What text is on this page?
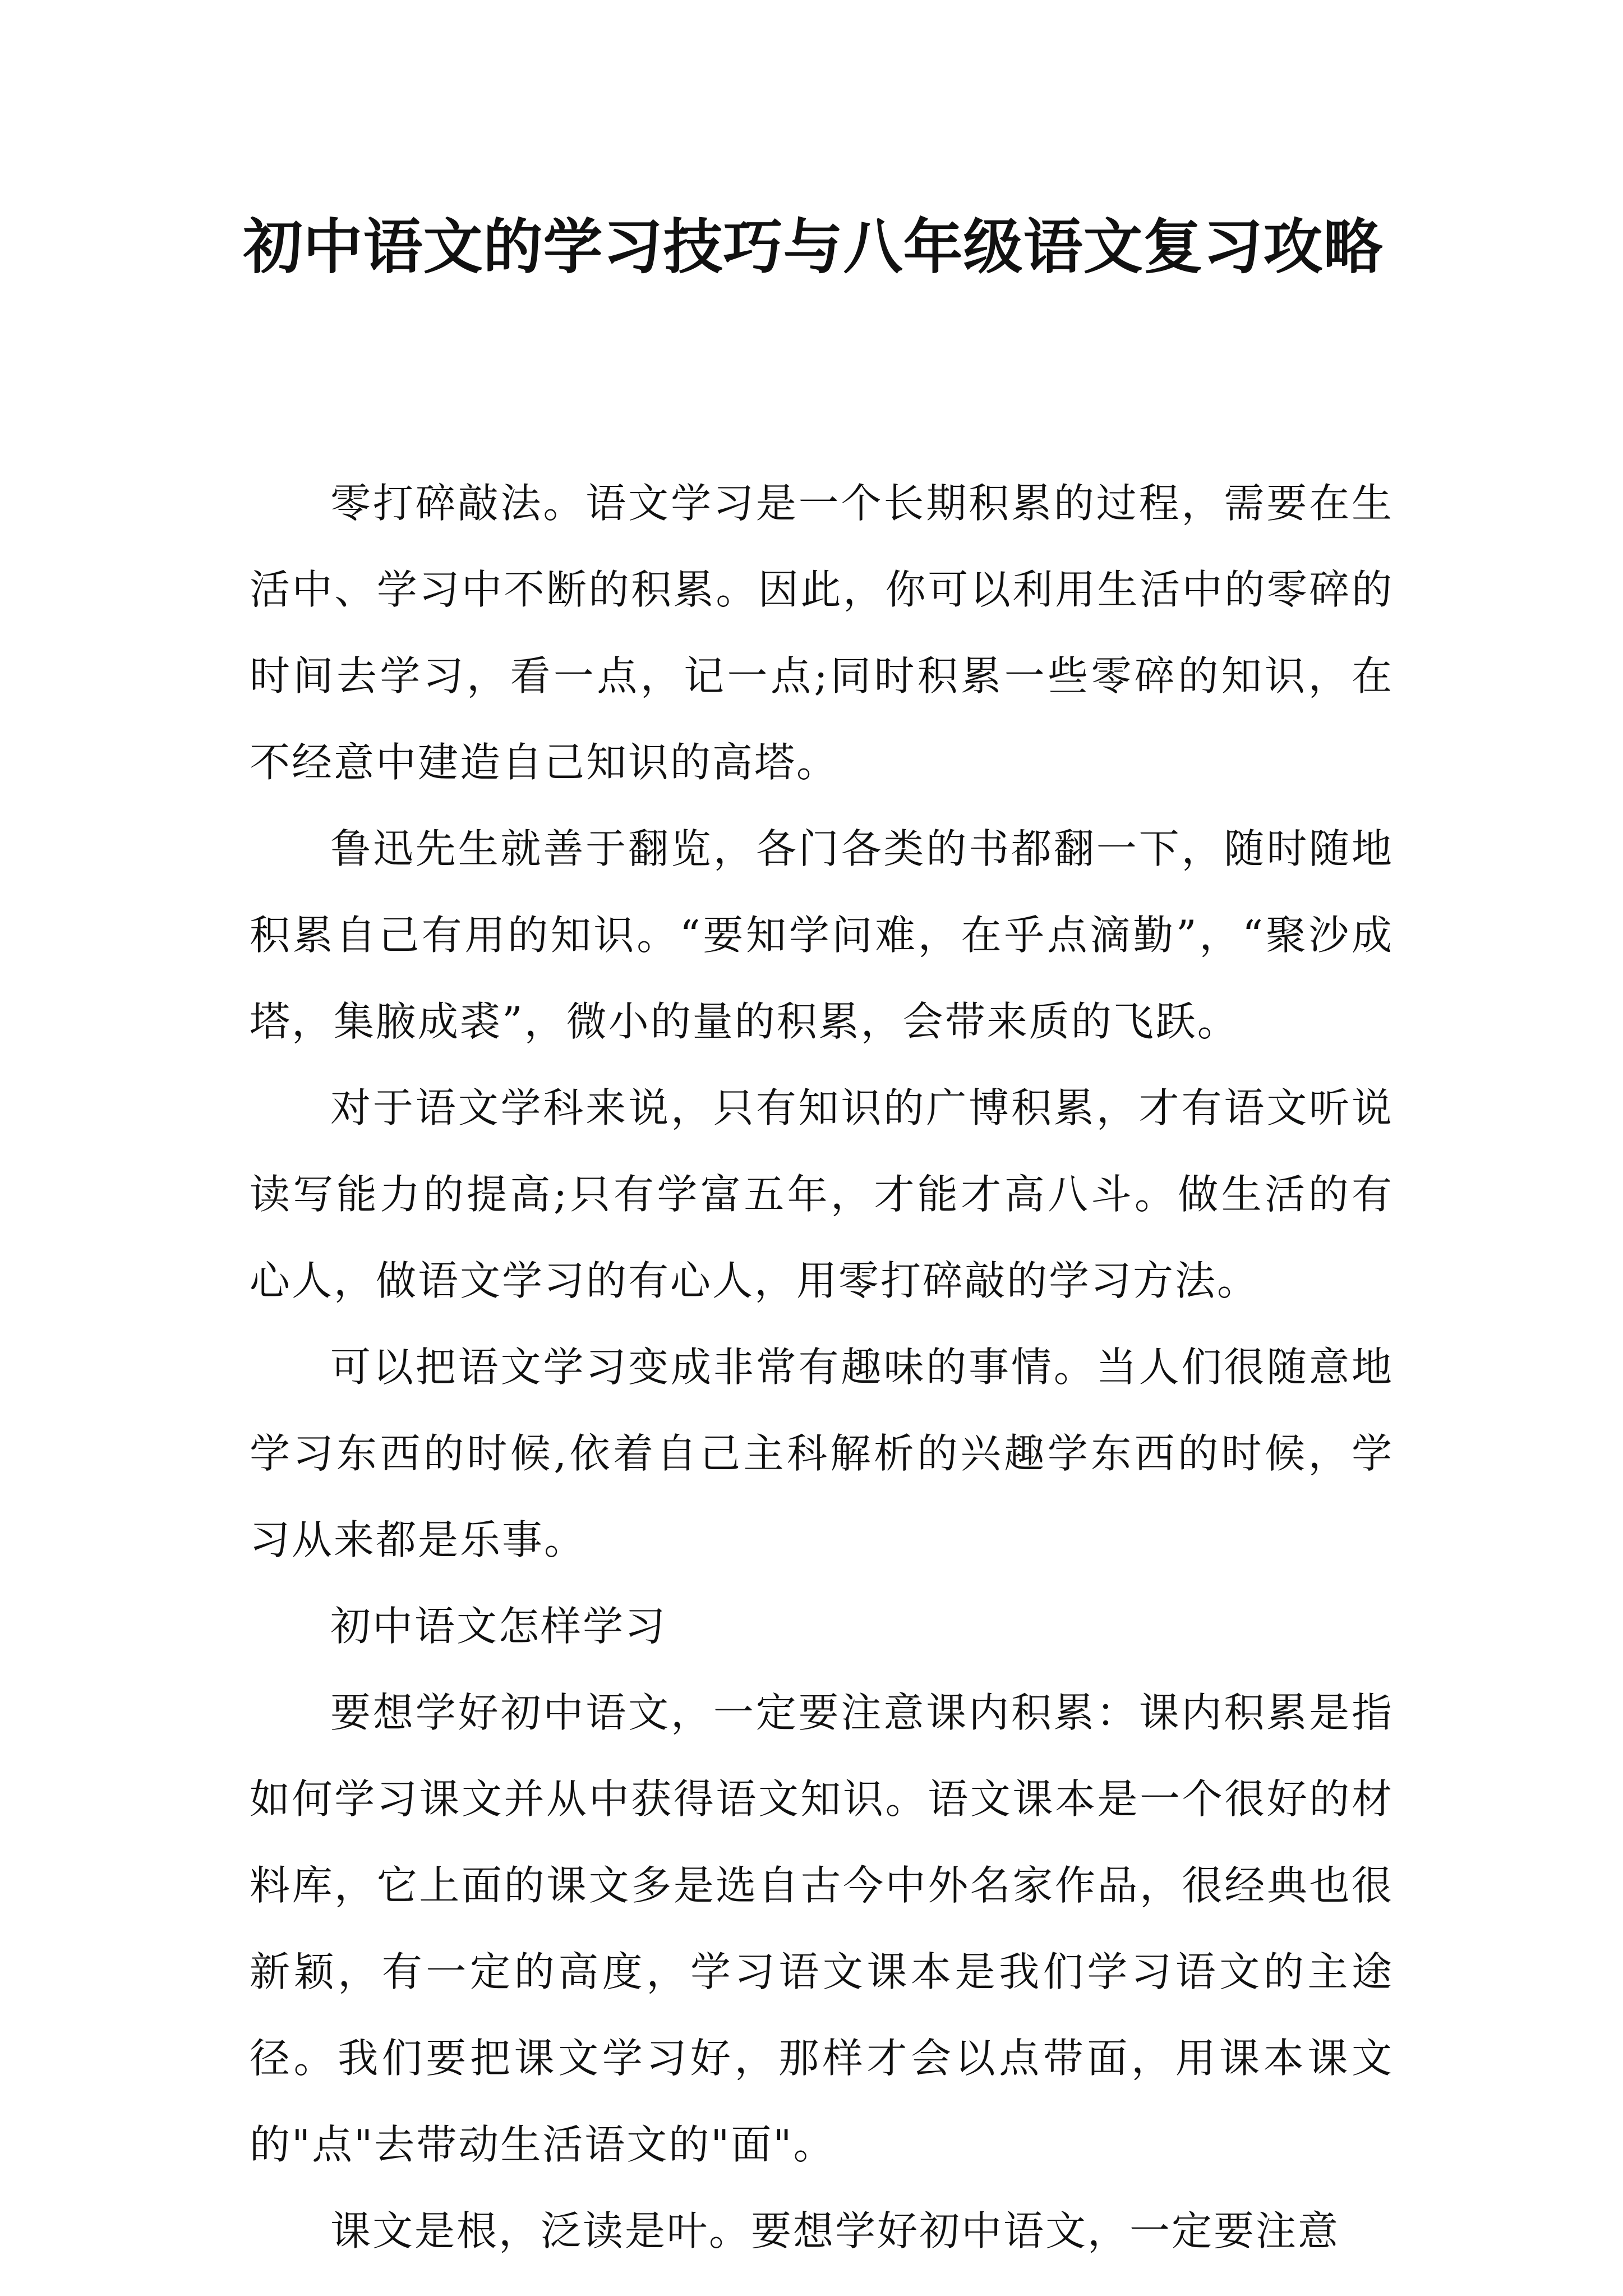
初中语文的学习技巧与八年级语文复习攻略

零打碎敲法。语文学习是一个长期积累的过程，需要在生活中、学习中不断的积累。因此，你可以利用生活中的零碎的时间去学习，看一点，记一点;同时积累一些零碎的知识，在不经意中建造自己知识的高塔。

鲁迅先生就善于翻览，各门各类的书都翻一下，随时随地积累自己有用的知识。“要知学问难，在乎点滴勤”，“聚沙成塔，集腋成裘”，微小的量的积累，会带来质的飞跃。

对于语文学科来说，只有知识的广博积累，才有语文听说读写能力的提高;只有学富五年，才能才高八斗。做生活的有心人，做语文学习的有心人，用零打碎敲的学习方法。

可以把语文学习变成非常有趣味的事情。当人们很随意地学习东西的时候,依着自己主科解析的兴趣学东西的时候，学习从来都是乐事。

初中语文怎样学习

要想学好初中语文，一定要注意课内积累：课内积累是指如何学习课文并从中获得语文知识。语文课本是一个很好的材料库，它上面的课文多是选自古今中外名家作品，很经典也很新颖，有一定的高度，学习语文课本是我们学习语文的主途径。我们要把课文学习好，那样才会以点带面，用课本课文的"点"去带动生活语文的"面"。

课文是根，泛读是叶。要想学好初中语文，一定要注意
